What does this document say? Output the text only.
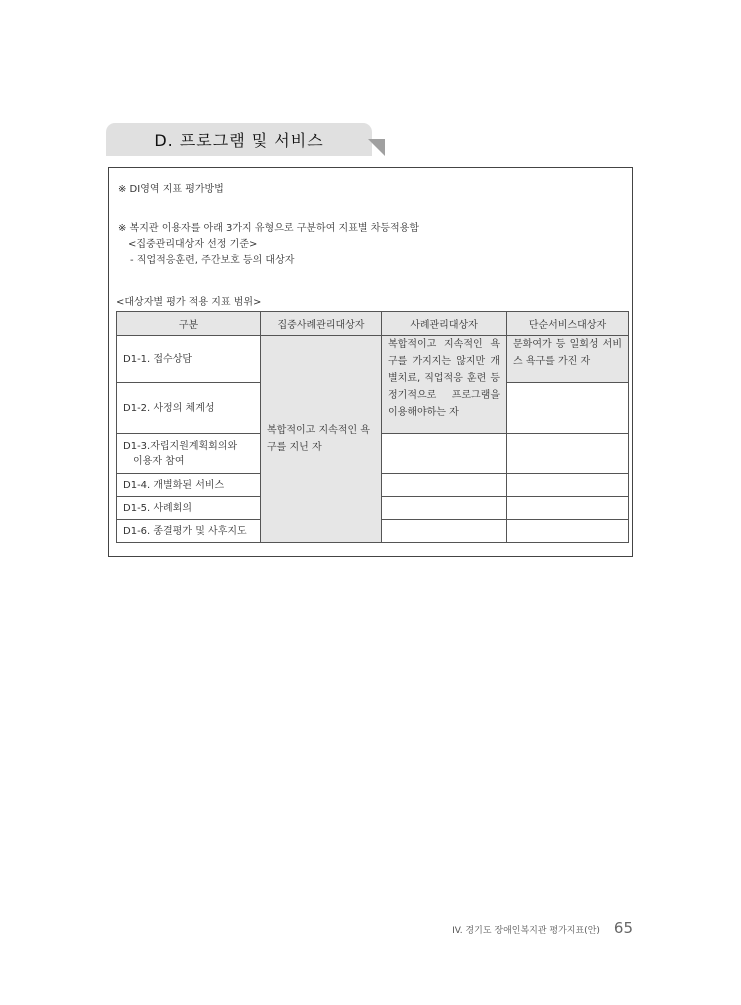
D. 프로그램 및 서비스
※ DI영역 지표 평가방법
※ 복지관 이용자를 아래 3가지 유형으로 구분하여 지표별 차등적용함
<집중관리대상자 선정 기준>
- 직업적응훈련, 주간보호 등의 대상자
<대상자별 평가 적용 지표 범위>
구분	집중사례관리대상자	사례관리대상자	단순서비스대상자
D1-1. 접수상담	복합적이고 지속적인 욕구를 지닌 자	복합적이고 지속적인 욕구를 가지지는 않지만 개별치료, 직업적응 훈련 등 정기적으로 프로그램을 이용해야하는 자	문화여가 등 일회성 서비스 욕구를 가진 자
D1-2. 사정의 체계성			

D1-3.자립지원계획회의와
이용자 참여			

D1-4. 개별화된 서비스			
D1-5. 사례회의			
D1-6. 종결평가 및 사후지도			
IV. 경기도 장애인복지관 평가지표(안) 65
